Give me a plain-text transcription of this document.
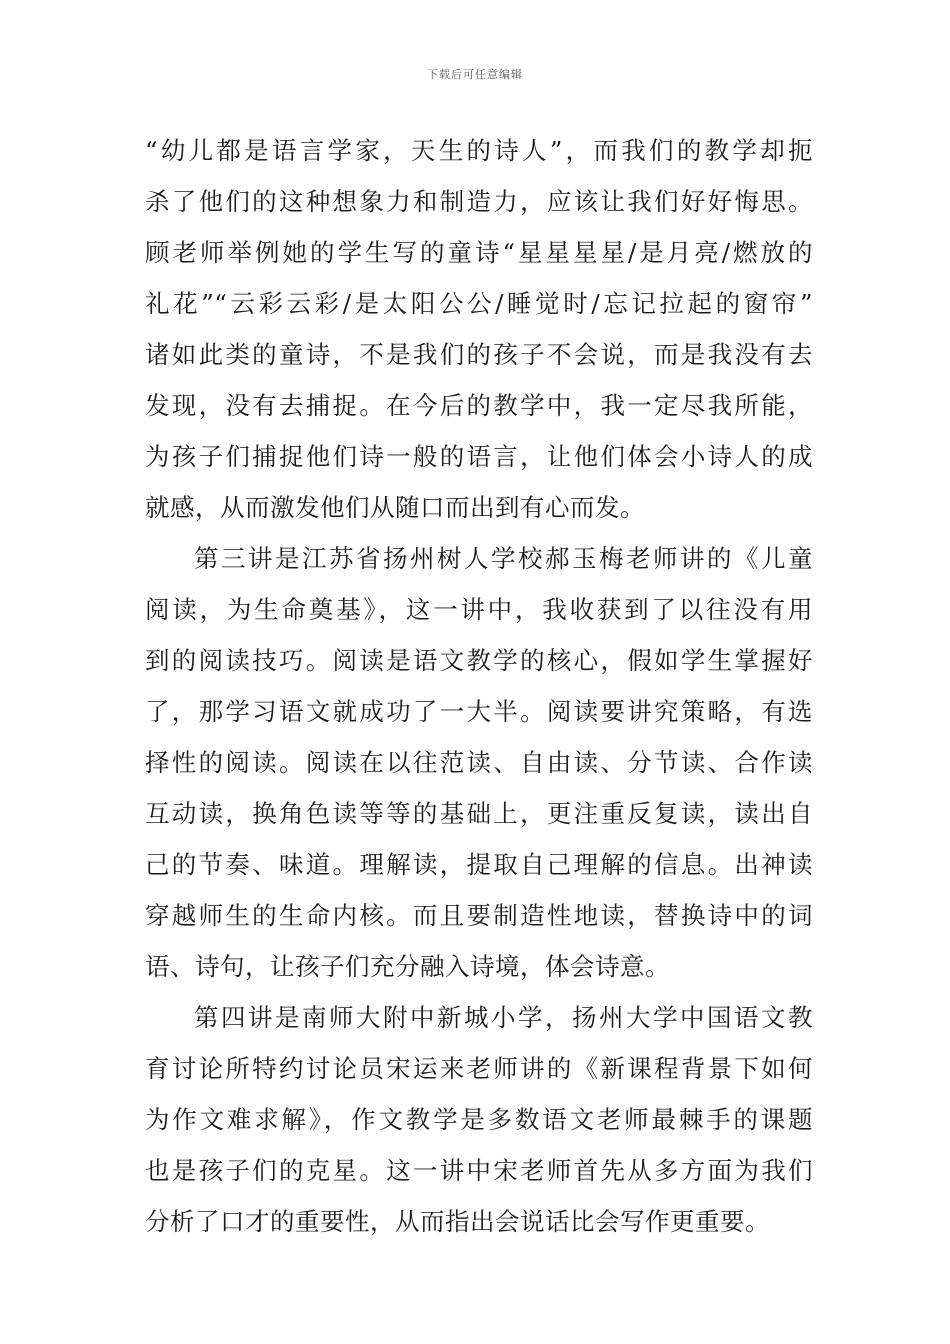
下载后可任意编辑
“幼儿都是语言学家，天生的诗人”，而我们的教学却扼
杀了他们的这种想象力和制造力，应该让我们好好悔思。
顾老师举例她的学生写的童诗“星星星星/是月亮/燃放的
礼花”“云彩云彩/是太阳公公/睡觉时/忘记拉起的窗帘”
诸如此类的童诗，不是我们的孩子不会说，而是我没有去
发现，没有去捕捉。在今后的教学中，我一定尽我所能，
为孩子们捕捉他们诗一般的语言，让他们体会小诗人的成
就感，从而激发他们从随口而出到有心而发。
第三讲是江苏省扬州树人学校郝玉梅老师讲的《儿童
阅读，为生命奠基》，这一讲中，我收获到了以往没有用
到的阅读技巧。阅读是语文教学的核心，假如学生掌握好
了，那学习语文就成功了一大半。阅读要讲究策略，有选
择性的阅读。阅读在以往范读、自由读、分节读、合作读
互动读，换角色读等等的基础上，更注重反复读，读出自
己的节奏、味道。理解读，提取自己理解的信息。出神读
穿越师生的生命内核。而且要制造性地读，替换诗中的词
语、诗句，让孩子们充分融入诗境，体会诗意。
第四讲是南师大附中新城小学，扬州大学中国语文教
育讨论所特约讨论员宋运来老师讲的《新课程背景下如何
为作文难求解》，作文教学是多数语文老师最棘手的课题
也是孩子们的克星。这一讲中宋老师首先从多方面为我们
分析了口才的重要性，从而指出会说话比会写作更重要。
